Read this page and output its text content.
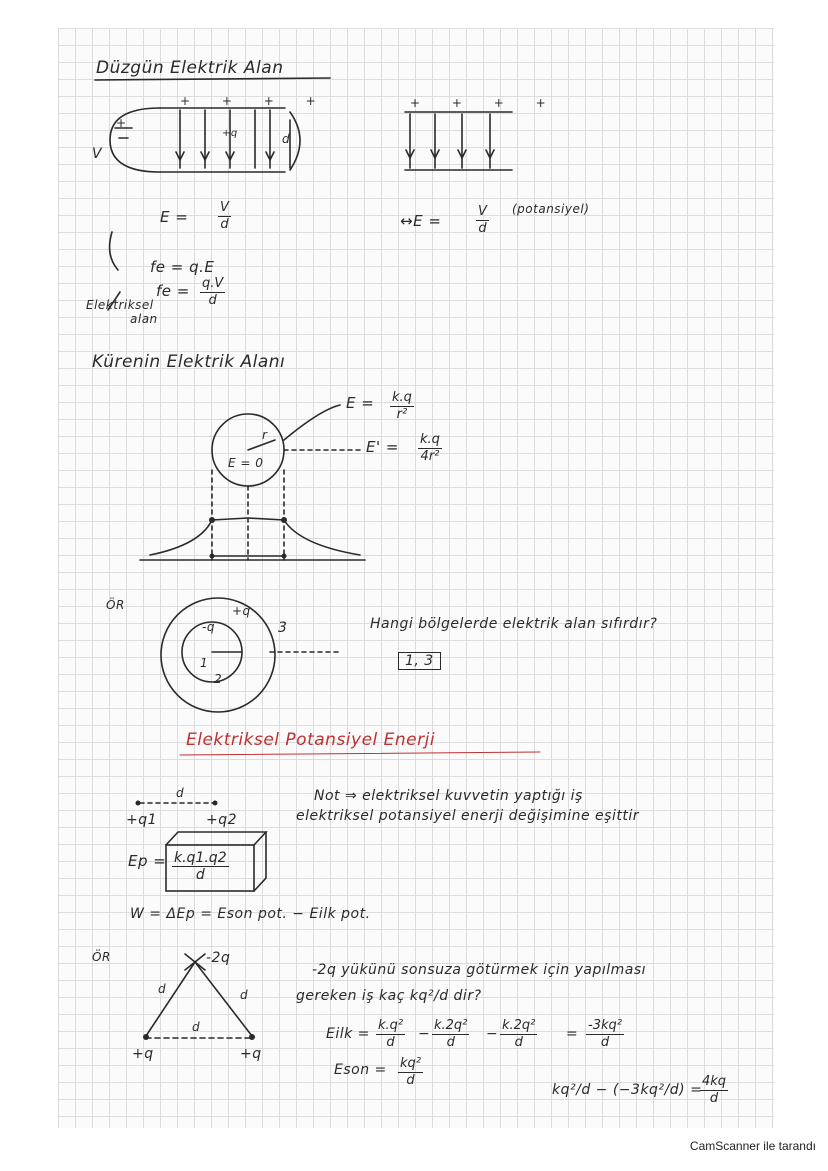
Düzgün Elektrik Alan
+ + + +	+ + + +
+
V
d
+q
$E = \frac{V}{d}$	↔E =	$\frac{V}{d}$ (potansiyel)
fe = q.E
fe = $\frac{q.V}{d}$
Elektriksel
alan
Kürenin Elektrik Alanı
$E = \frac{k.q}{\text{r²}}$
$E' = \frac{k.q}{\text{4r²}}$
E = 0
r
ÖR	+q
-q
1
2
3	Hangi bölgelerde elektrik alan sıfırdır?
1, 3
Elektriksel Potansiyel Enerji
d
+q1	+q2
$Ep = \frac{k.q1.q2}{d}$
Not ⇒ elektriksel kuvvetin yaptığı iş
elektriksel potansiyel enerji değişimine eşittir
W = ΔEp = Eson pot. − Eilk pot.
ÖR	-2q
+q	+q
d	d
d
-2q yükünü sonsuza götürmek için yapılması
gereken iş kaç kq²/d dir?
Eilk = $\frac{\text{k.q²}}{d} - \frac{\text{k.2q²}}{d} - \frac{\text{k.2q²}}{d} = \frac{\text{-3kq²}}{d}$
Eson = $\frac{\text{kq²}}{d}$
kq²/d − (−3kq²/d) =
$\frac{4kq}{d}$
CamScanner ile tarandı
